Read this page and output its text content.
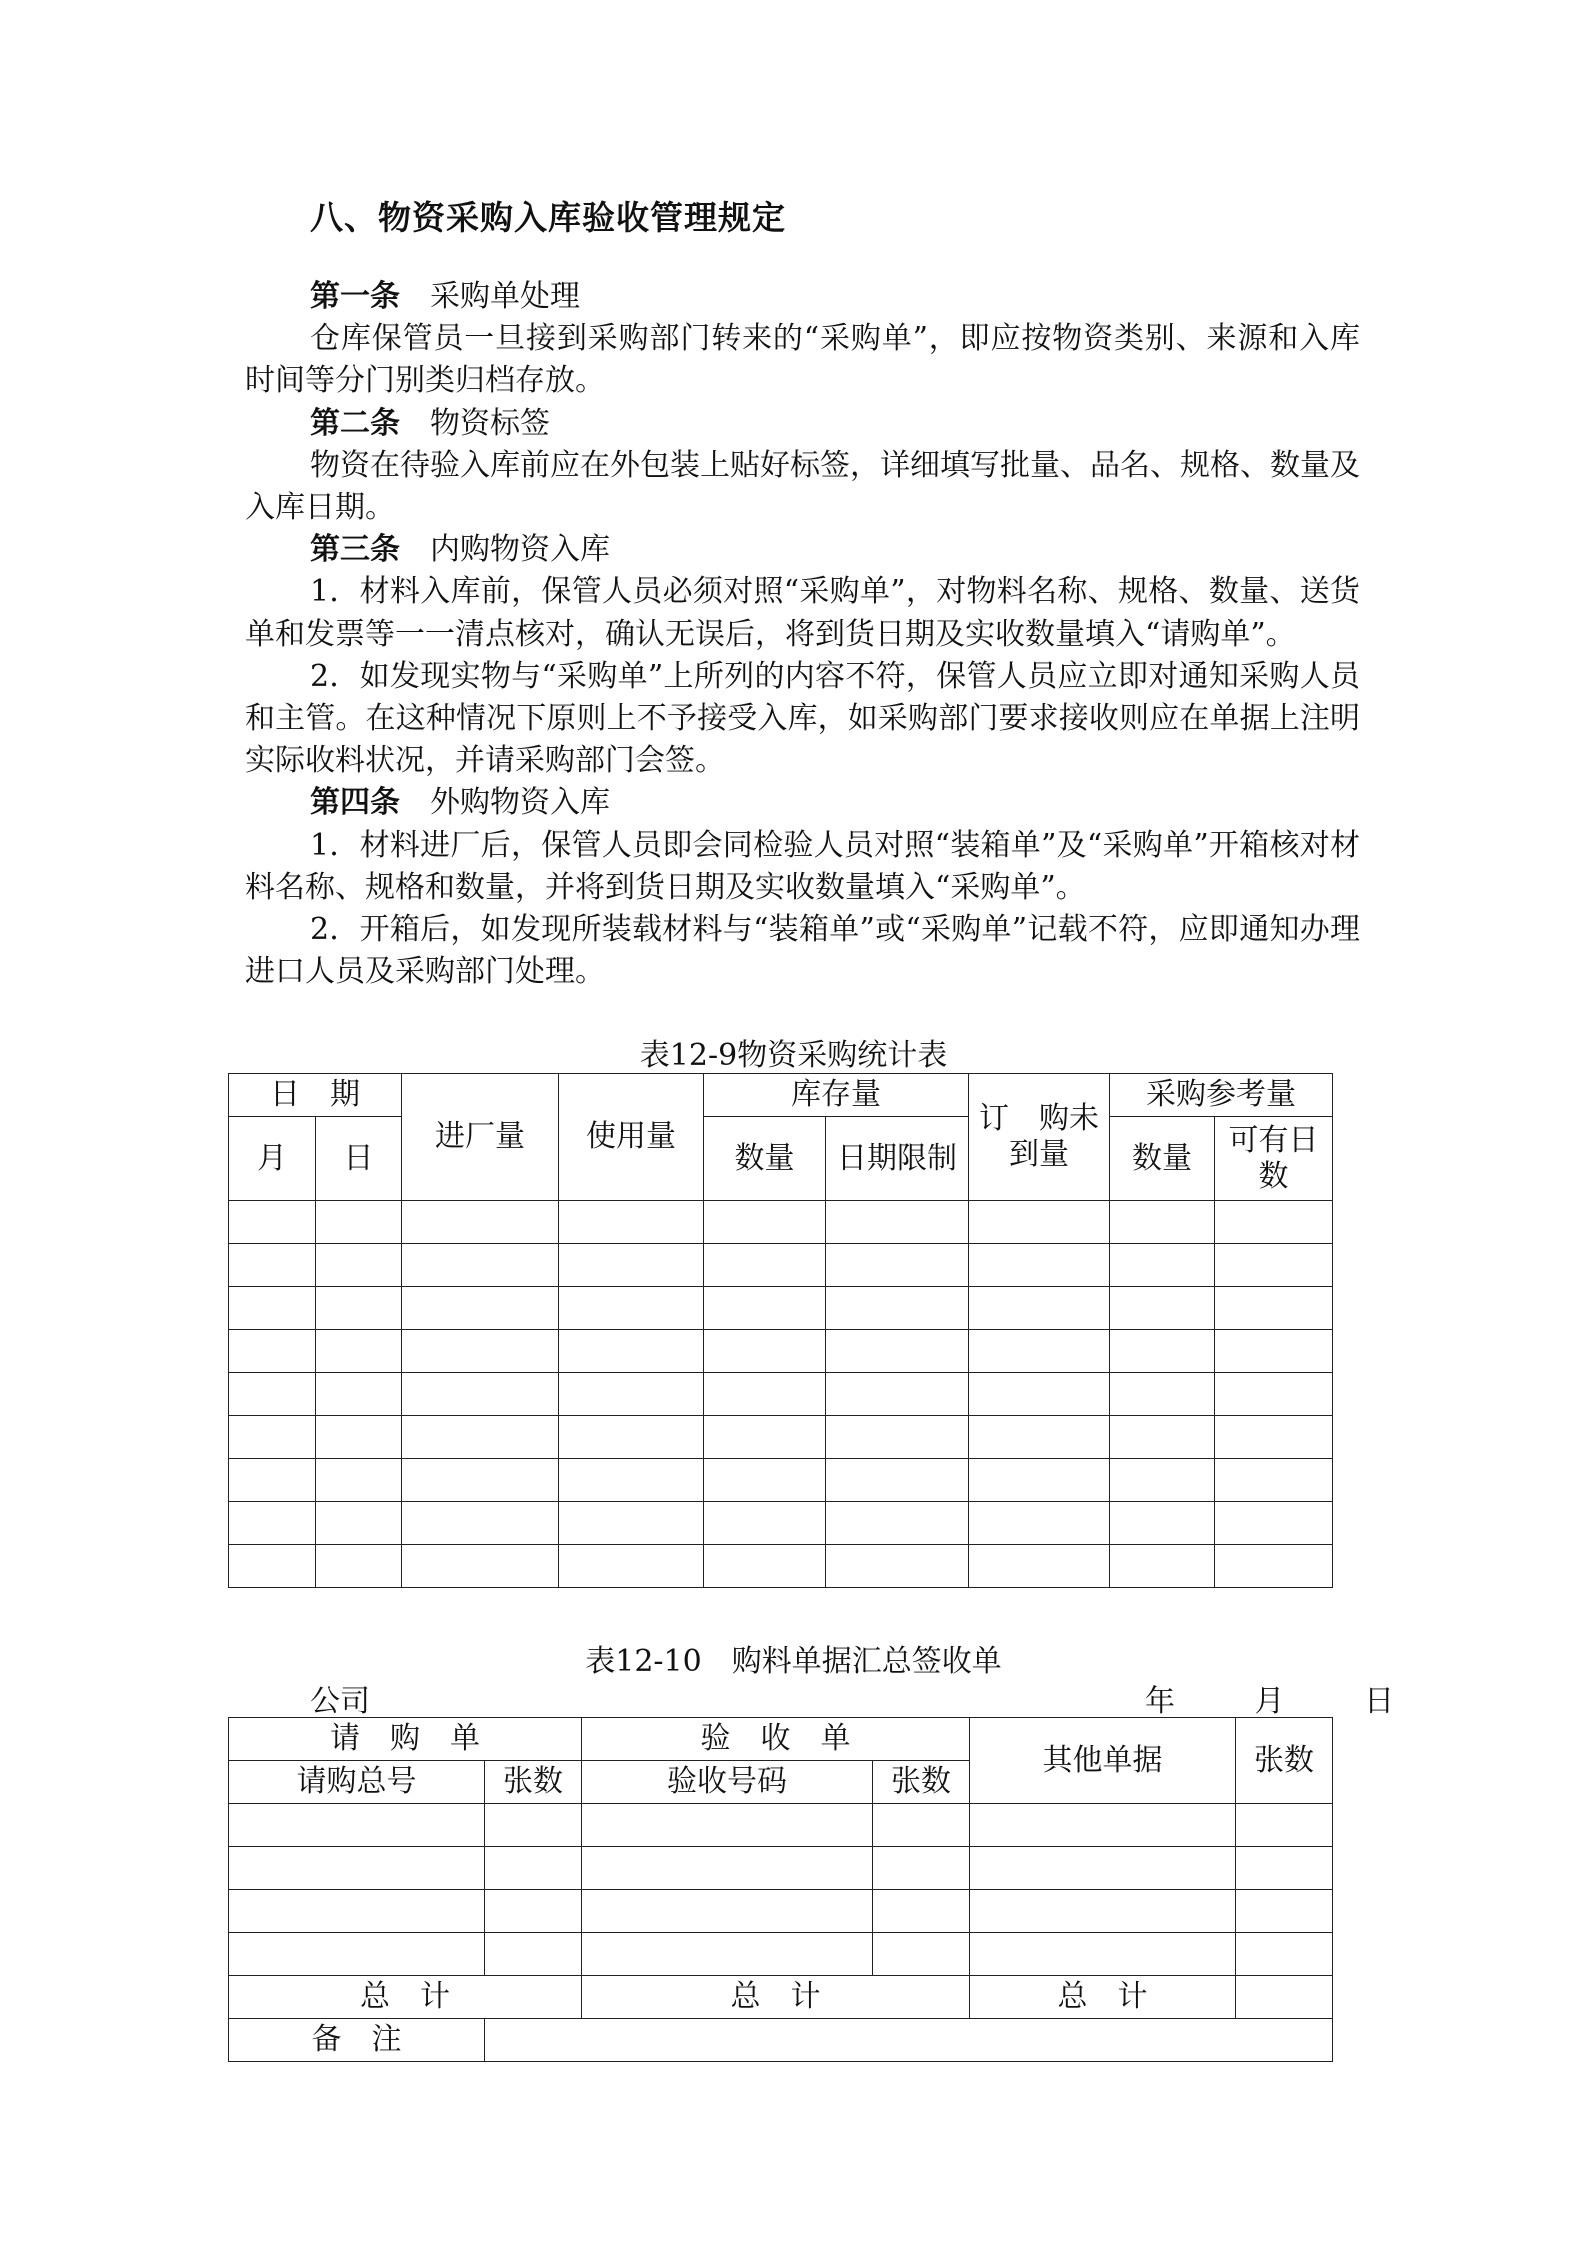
八、物资采购入库验收管理规定

第一条 采购单处理

仓库保管员一旦接到采购部门转来的“采购单”，即应按物资类别、来源和入库时间等分门别类归档存放。

第二条 物资标签

物资在待验入库前应在外包装上贴好标签，详细填写批量、品名、规格、数量及入库日期。

第三条 内购物资入库

1．材料入库前，保管人员必须对照“采购单”，对物料名称、规格、数量、送货单和发票等一一清点核对，确认无误后，将到货日期及实收数量填入“请购单”。

2．如发现实物与“采购单”上所列的内容不符，保管人员应立即对通知采购人员和主管。在这种情况下原则上不予接受入库，如采购部门要求接收则应在单据上注明实际收料状况，并请采购部门会签。

第四条 外购物资入库

1．材料进厂后，保管人员即会同检验人员对照“装箱单”及“采购单”开箱核对材料名称、规格和数量，并将到货日期及实收数量填入“采购单”。

2．开箱后，如发现所装载材料与“装箱单”或“采购单”记载不符，应即通知办理进口人员及采购部门处理。

表12-9物资采购统计表
日　期		进厂量	使用量	库存量		订　购未到量	采购参考量	
月	日			数量	日期限制		数量	可有日数

表12-10　购料单据汇总签收单
公司	年	月	日
请　购　单		验　收　单		其他单据	张数
请购总号	张数	验收号码	张数		

总　计		总　计		总　计	
备　注					
